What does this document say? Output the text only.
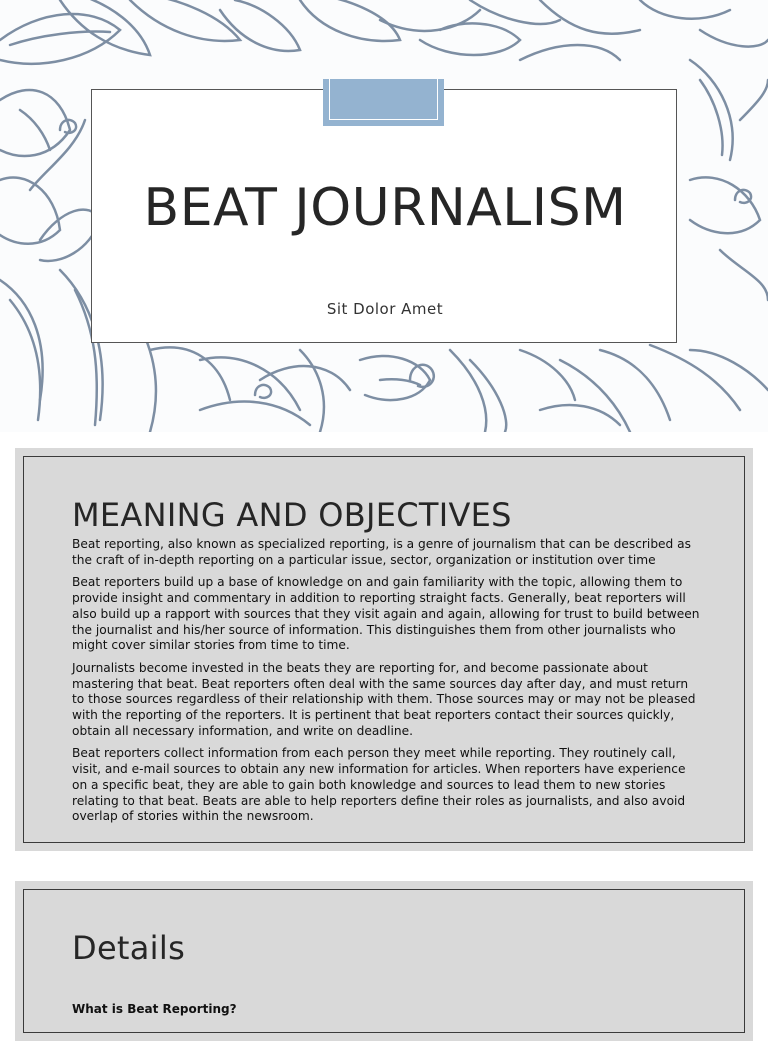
BEAT JOURNALISM
Sit Dolor Amet
MEANING AND OBJECTIVES

Beat reporting, also known as specialized reporting, is a genre of journalism that can be described as the craft of in-depth reporting on a particular issue, sector, organization or institution over time

Beat reporters build up a base of knowledge on and gain familiarity with the topic, allowing them to provide insight and commentary in addition to reporting straight facts. Generally, beat reporters will also build up a rapport with sources that they visit again and again, allowing for trust to build between the journalist and his/her source of information. This distinguishes them from other journalists who might cover similar stories from time to time.

Journalists become invested in the beats they are reporting for, and become passionate about mastering that beat. Beat reporters often deal with the same sources day after day, and must return to those sources regardless of their relationship with them. Those sources may or may not be pleased with the reporting of the reporters. It is pertinent that beat reporters contact their sources quickly, obtain all necessary information, and write on deadline.

Beat reporters collect information from each person they meet while reporting. They routinely call, visit, and e-mail sources to obtain any new information for articles. When reporters have experience on a specific beat, they are able to gain both knowledge and sources to lead them to new stories relating to that beat. Beats are able to help reporters define their roles as journalists, and also avoid overlap of stories within the newsroom.

Details
What is Beat Reporting?
